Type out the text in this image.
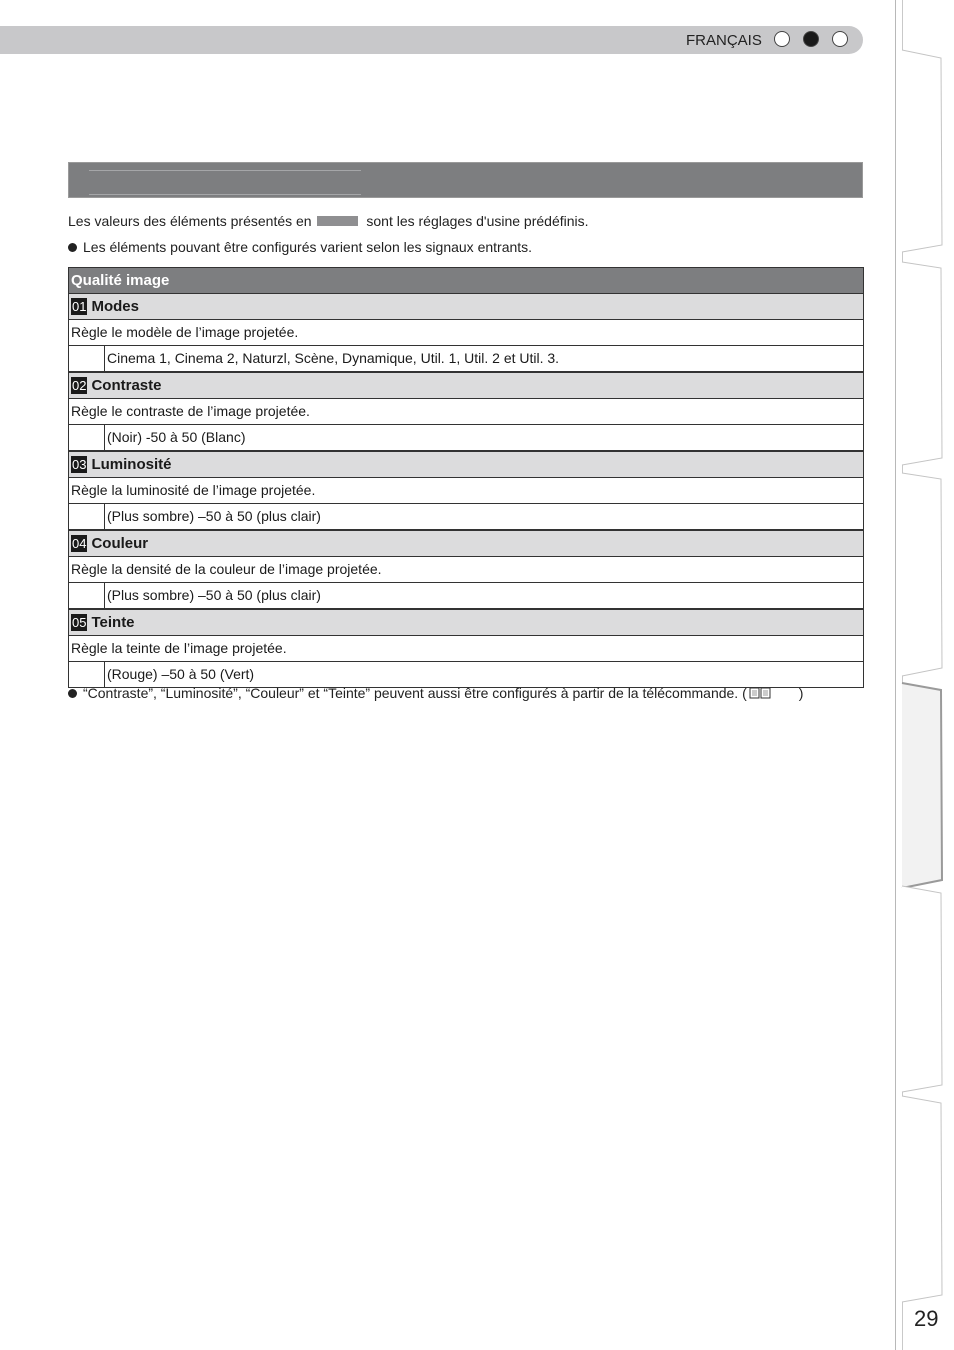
FRANÇAIS
Les valeurs des éléments présentés en	sont les réglages d'usine prédéfinis.
Les éléments pouvant être configurés varient selon les signaux entrants.
Qualité image
01 Modes
Règle le modèle de l’image projetée.
Cinema 1, Cinema 2, Naturzl, Scène, Dynamique, Util. 1, Util. 2 et Util. 3.
02 Contraste
Règle le contraste de l’image projetée.
(Noir) -50 à 50 (Blanc)
03 Luminosité
Règle la luminosité de l’image projetée.
(Plus sombre) –50 à 50 (plus clair)
04 Couleur
Règle la densité de la couleur de l’image projetée.
(Plus sombre) –50 à 50 (plus clair)
05 Teinte
Règle la teinte de l’image projetée.
(Rouge) –50 à 50 (Vert)
“Contraste”, “Luminosité”, “Couleur” et “Teinte” peuvent aussi être configurés à partir de la télécommande. (	)
29
